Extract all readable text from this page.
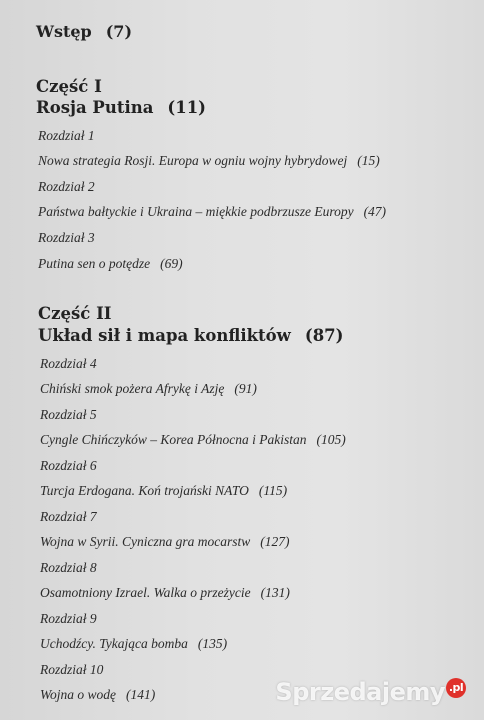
Wstęp (7)
Część I
Rosja Putina (11)
Rozdział 1
Nowa strategia Rosji. Europa w ogniu wojny hybrydowej (15)
Rozdział 2
Państwa bałtyckie i Ukraina – miękkie podbrzusze Europy (47)
Rozdział 3
Putina sen o potędze (69)
Część II
Układ sił i mapa konfliktów (87)
Rozdział 4
Chiński smok pożera Afrykę i Azję (91)
Rozdział 5
Cyngle Chińczyków – Korea Północna i Pakistan (105)
Rozdział 6
Turcja Erdogana. Koń trojański NATO (115)
Rozdział 7
Wojna w Syrii. Cyniczna gra mocarstw (127)
Rozdział 8
Osamotniony Izrael. Walka o przeżycie (131)
Rozdział 9
Uchodźcy. Tykająca bomba (135)
Rozdział 10
Wojna o wodę (141)	Sprzedajemy .pl
